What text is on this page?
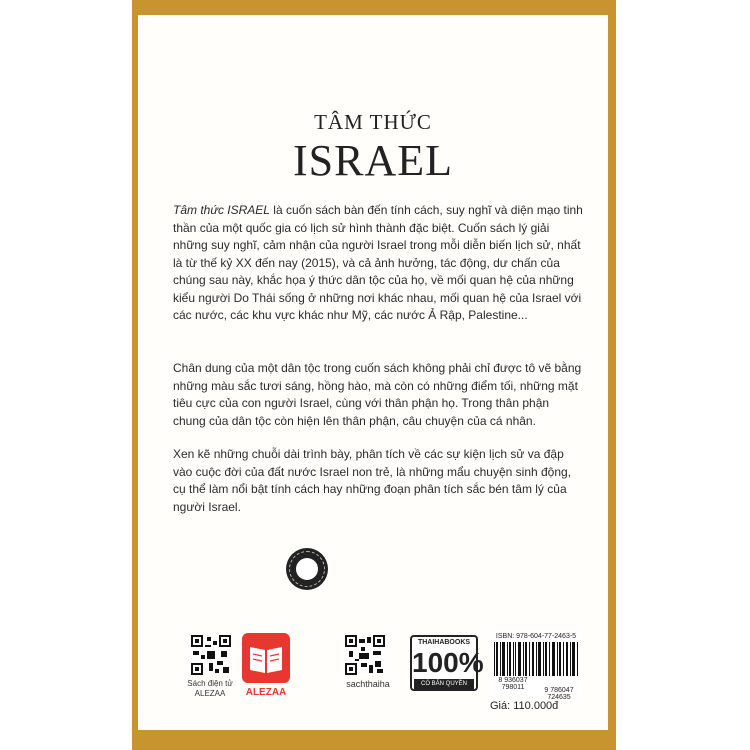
TÂM THỨC
ISRAEL
Tâm thức ISRAEL là cuốn sách bàn đến tính cách, suy nghĩ và diện mạo tinh thần của một quốc gia có lịch sử hình thành đặc biệt. Cuốn sách lý giải những suy nghĩ, cảm nhận của người Israel trong mỗi diễn biến lịch sử, nhất là từ thế kỷ XX đến nay (2015), và cả ảnh hưởng, tác động, dư chấn của chúng sau này, khắc họa ý thức dân tộc của họ, về mối quan hệ của những kiểu người Do Thái sống ở những nơi khác nhau, mối quan hệ của Israel với các nước, các khu vực khác như Mỹ, các nước Ả Rập, Palestine...
Chân dung của một dân tộc trong cuốn sách không phải chỉ được tô vẽ bằng những màu sắc tươi sáng, hồng hào, mà còn có những điểm tối, những mặt tiêu cực của con người Israel, cùng với thân phận họ. Trong thân phận chung của dân tộc còn hiện lên thân phận, câu chuyện của cá nhân.
Xen kẽ những chuỗi dài trình bày, phân tích về các sự kiện lịch sử va đập vào cuộc đời của đất nước Israel non trẻ, là những mẩu chuyện sinh động, cụ thể làm nổi bật tính cách hay những đoạn phân tích sắc bén tâm lý của người Israel.
Sách điện tử ALEZAA	ALEZAA
sachthaiha
THAIHABOOKS
100%
CÓ BẢN QUYỀN
ISBN: 978-604-77-2463-5
8 936037 798011	9 786047 724635
Giá: 110.000đ
